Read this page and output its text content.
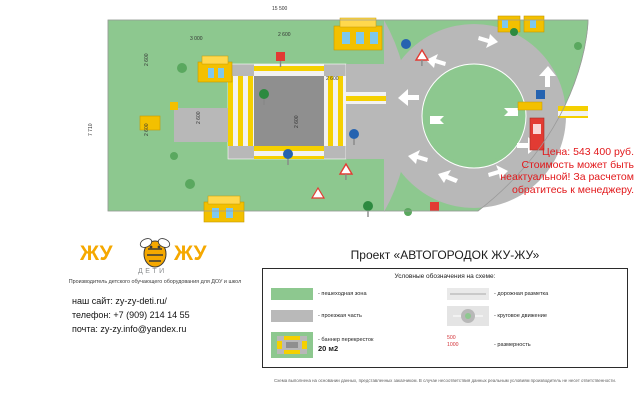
15 500
7 710
2 600
2 600
3 000
2 600
2 600	2 600
2 600
Цена: 543 400 руб.
Стоимость может быть неактуальной! За расчетом обратитесь к менеджеру.
ЖУ	ЖУ
ДЕТИ
Производитель детского обучающего оборудования для ДОУ и школ
наш сайт: zy-zy-deti.ru/
телефон: +7 (909) 214 14 55
почта: zy-zy.info@yandex.ru
Проект «АВТОГОРОДОК ЖУ-ЖУ»
Условные обозначения на схеме:
- пешеходная зона	- дорожная разметка
- проезжая часть	- круговое движение
- баннер перекресток
20 м2
500
1000	- размерность
Схема выполнена на основании данных, представленных заказчиком. В случае несоответствия данных реальным условиям производитель не несет ответственности.
